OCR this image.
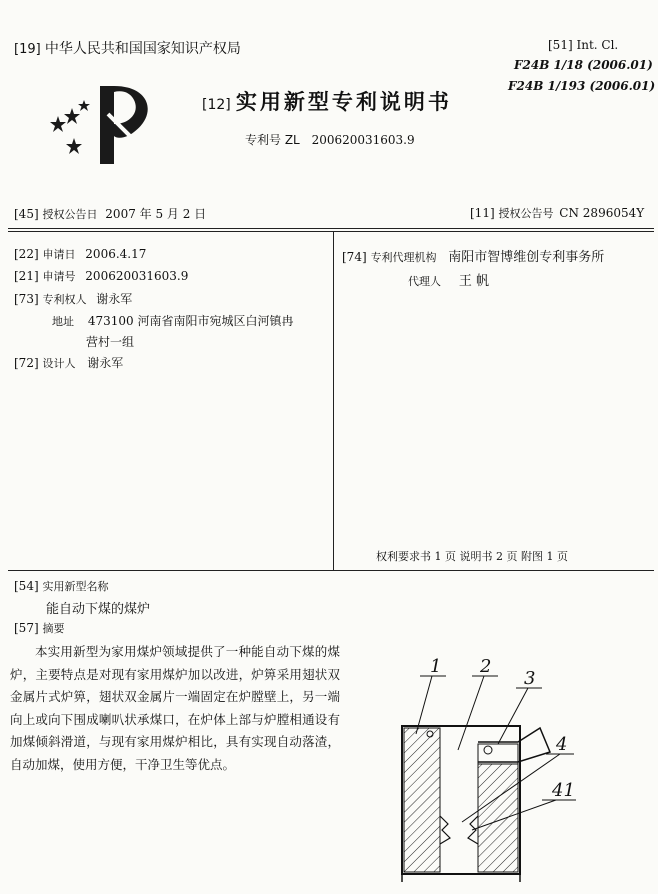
[19] 中华人民共和国国家知识产权局	[51] Int. Cl.
F24B 1/18 (2006.01)
F24B 1/193 (2006.01)
[12] 实用新型专利说明书
专利号 ZL 200620031603.9
[45] 授权公告日 2007 年 5 月 2 日	[11] 授权公告号 CN 2896054Y
[22] 申请日 2006.4.17
[21] 申请号 200620031603.9
[73] 专利权人 谢永军
地址 473100 河南省南阳市宛城区白河镇冉
营村一组
[72] 设计人 谢永军
[74] 专利代理机构 南阳市智博维创专利事务所
代理人 王 帆
权利要求书 1 页 说明书 2 页 附图 1 页
[54] 实用新型名称
能自动下煤的煤炉
[57] 摘要
本实用新型为家用煤炉领域提供了一种能自动下煤的煤炉，主要特点是对现有家用煤炉加以改进，炉箅采用翅状双金属片式炉箅，翅状双金属片一端固定在炉膛壁上，另一端向上或向下围成喇叭状承煤口，在炉体上部与炉膛相通设有加煤倾斜滑道，与现有家用煤炉相比，具有实现自动落渣，自动加煤，使用方便，干净卫生等优点。
1 2
3
4
41
